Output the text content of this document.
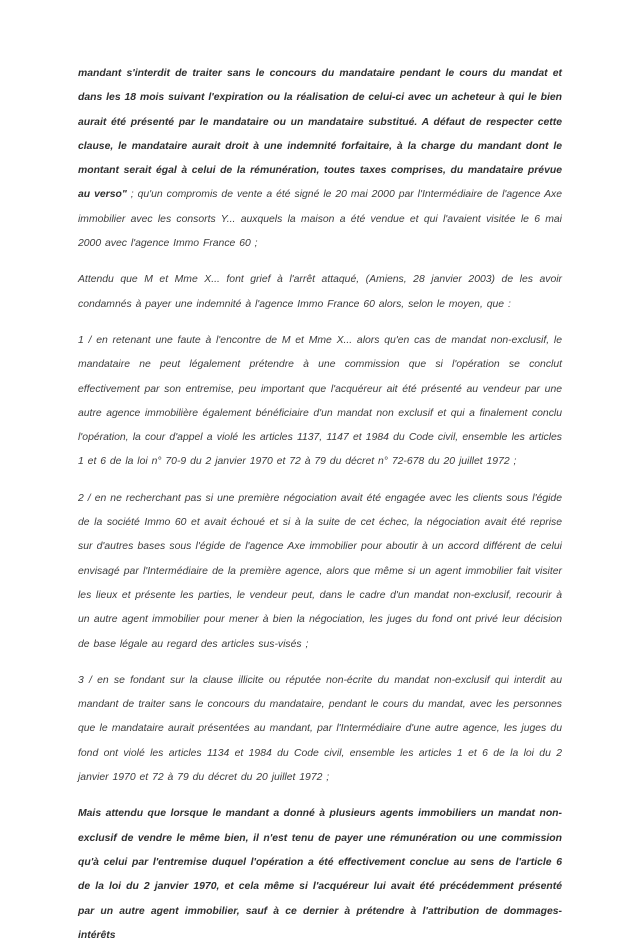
mandant s'interdit de traiter sans le concours du mandataire pendant le cours du mandat et dans les 18 mois suivant l'expiration ou la réalisation de celui-ci avec un acheteur à qui le bien aurait été présenté par le mandataire ou un mandataire substitué. A défaut de respecter cette clause, le mandataire aurait droit à une indemnité forfaitaire, à la charge du mandant dont le montant serait égal à celui de la rémunération, toutes taxes comprises, du mandataire prévue au verso" ; qu'un compromis de vente a été signé le 20 mai 2000 par l'Intermédiaire de l'agence Axe immobilier avec les consorts Y... auxquels la maison a été vendue et qui l'avaient visitée le 6 mai 2000 avec l'agence Immo France 60 ;

Attendu que M et Mme X... font grief à l'arrêt attaqué, (Amiens, 28 janvier 2003) de les avoir condamnés à payer une indemnité à l'agence Immo France 60 alors, selon le moyen, que :

1 / en retenant une faute à l'encontre de M et Mme X... alors qu'en cas de mandat non-exclusif, le mandataire ne peut légalement prétendre à une commission que si l'opération se conclut effectivement par son entremise, peu important que l'acquéreur ait été présenté au vendeur par une autre agence immobilière également bénéficiaire d'un mandat non exclusif et qui a finalement conclu l'opération, la cour d'appel a violé les articles 1137, 1147 et 1984 du Code civil, ensemble les articles 1 et 6 de la loi n° 70-9 du 2 janvier 1970 et 72 à 79 du décret n° 72-678 du 20 juillet 1972 ;

2 / en ne recherchant pas si une première négociation avait été engagée avec les clients sous l'égide de la société Immo 60 et avait échoué et si à la suite de cet échec, la négociation avait été reprise sur d'autres bases sous l'égide de l'agence Axe immobilier pour aboutir à un accord différent de celui envisagé par l'Intermédiaire de la première agence, alors que même si un agent immobilier fait visiter les lieux et présente les parties, le vendeur peut, dans le cadre d'un mandat non-exclusif, recourir à un autre agent immobilier pour mener à bien la négociation, les juges du fond ont privé leur décision de base légale au regard des articles sus-visés ;

3 / en se fondant sur la clause illicite ou réputée non-écrite du mandat non-exclusif qui interdit au mandant de traiter sans le concours du mandataire, pendant le cours du mandat, avec les personnes que le mandataire aurait présentées au mandant, par l'Intermédiaire d'une autre agence, les juges du fond ont violé les articles 1134 et 1984 du Code civil, ensemble les articles 1 et 6 de la loi du 2 janvier 1970 et 72 à 79 du décret du 20 juillet 1972 ;

Mais attendu que lorsque le mandant a donné à plusieurs agents immobiliers un mandat non-exclusif de vendre le même bien, il n'est tenu de payer une rémunération ou une commission qu'à celui par l'entremise duquel l'opération a été effectivement conclue au sens de l'article 6 de la loi du 2 janvier 1970, et cela même si l'acquéreur lui avait été précédemment présenté par un autre agent immobilier, sauf à ce dernier à prétendre à l'attribution de dommages-intérêts
